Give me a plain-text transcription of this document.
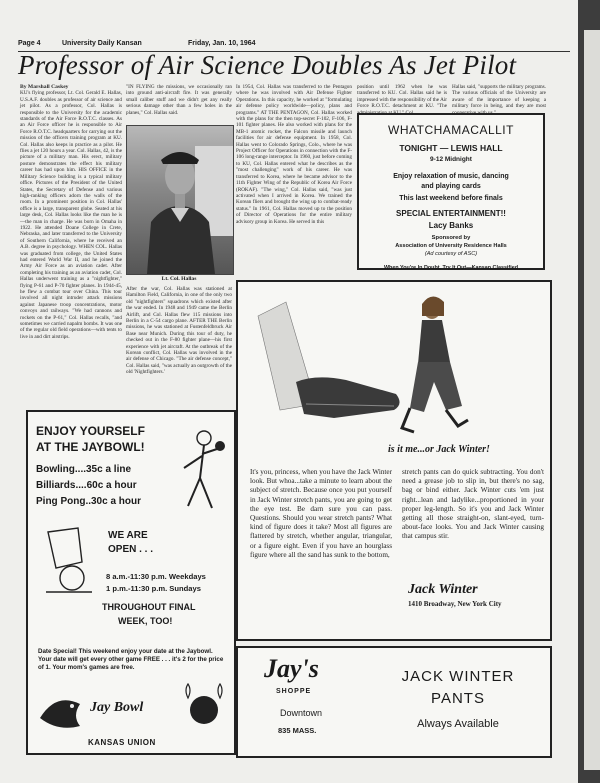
Page 4	University Daily Kansan	Friday, Jan. 10, 1964
Professor of Air Science Doubles As Jet Pilot
By Marshall Caskey

KU's flying professor, Lt. Col. Gerald E. Hallas, U.S.A.F. doubles as professor of air science and jet pilot. As a professor, Col. Hallas is responsible to the University for the academic standards of the Air Force R.O.T.C. classes. As an Air Force officer he is responsible to Air Force R.O.T.C. headquarters for carrying out the mission of the officers training program at KU. Col. Hallas also keeps in practice as a pilot. He flies a jet 120 hours a year. Col. Hallas, 42, is the picture of a military man. His erect, military posture demonstrates the effect his military career has had upon him. HIS OFFICE in the Military Science building is a typical military office. Pictures of the President of the United States, the Secretary of Defense and various high-ranking officers adorn the walls of the room. In a prominent position in Col. Hallas' office is a large, transparent globe. Seated at his large desk, Col. Hallas looks like the man he is—the man in charge. He was born in Omaha in 1922. He attended Doane College in Crete, Nebraska, and later transferred to the University of Southern California, where he received an A.B. degree in psychology. WHEN COL. Hallas was graduated from college, the United States had entered World War II, and he joined the Army Air Force as an aviation cadet. After completing his training as an aviation cadet, Col. Hallas underwent training as a "nightfighter," flying P-61 and P-70 fighter planes. In 1944-45, he flew a combat tour over China. This tour involved all night intruder attack missions against Japanese troop concentrations, motor convoys and railways. "We had cannons and rockets on the P-61," Col. Hallas recalls, "and sometimes we carried napalm bombs. It was one of the regular old field operations—with tents to live in and dirt airstrips.

"IN FLYING the missions, we occasionally ran into ground anti-aircraft fire. It was generally small caliber stuff and we didn't get any really serious damage other than a few holes in the planes," Col. Hallas said.

Lt. Col. Hallas

After the war, Col. Hallas was stationed at Hamilton Field, California, in one of the only two old "nightfighters" squadrons which existed after the war ended. In 1948 and 1949 came the Berlin Airlift, and Col. Hallas flew 115 missions into Berlin in a C-54 cargo plane. AFTER THE Berlin missions, he was stationed at Fustenfeldbruck Air Base near Munich. During this tour of duty, he checked out in the F-80 fighter plane—his first experience with jet aircraft. At the outbreak of the Korean conflict, Col. Hallas was involved in the air defense of Chicago. "The air defense concept," Col. Hallas said, "was actually an outgrowth of the old 'Nightfighters.'

In 1954, Col. Hallas was transferred to the Pentagon where he was involved with Air Defense Fighter Operations. In this capacity, he worked at "formulating air defense policy worldwide—policy, plans and programs." AT THE PENTAGON, Col. Hallas worked with the plans for the then top-secret F-102, F-106, F-101 fighter planes. He also worked with plans for the MB-1 atomic rocket, the Falcon missile and launch facilities for air defense equipment. In 1958, Col. Hallas went to Colorado Springs, Colo., where he was Project Officer for Operations in connection with the F-106 long-range interceptor. In 1960, just before coming to KU, Col. Hallas entered what he describes as the "most challenging" work of his career. He was transferred to Korea, where he became advisor to the 11th Fighter Wing of the Republic of Korea Air Force (ROKAF). "The wing," Col. Hallas said, "was just activated when I arrived in Korea. We trained the Korean fliers and brought the wing up to combat-ready status." In 1961, Col. Hallas moved up to the position of Director of Operations for the entire military advisory group in Korea. He served in this

position until 1962 when he was transferred to KU. Col. Hallas said he is impressed with the responsibility of the Air Force R.O.T.C. detachment at KU. "The

Hallas said, "supports the military programs. The various officials of the University are aware of the importance of keeping a military force in being, and they are most

WHATCHAMACALLIT
TONIGHT — LEWIS HALL
9-12 Midnight
Enjoy relaxation of music, dancing
and playing cards
This last weekend before finals
SPECIAL ENTERTAINMENT!!
Lacy Banks
Sponsored by
Association of University Residence Halls
(Ad courtesy of ASC)
When You're In Doubt, Try It Out—Kansan Classified
is it me...or Jack Winter!
It's you, princess, when you have the Jack Winter look. But whoa...take a minute to learn about the subject of stretch. Because once you put yourself in Jack Winter stretch pants, you are going to get the eye test. Be darn sure you can pass. Questions. Should you wear stretch pants? What kind of figure does it take? Most all figures are flattered by stretch, whether angular, triangular, or a figure eight. Even if you have an hourglass figure where all the sand has sunk to the bottom,
stretch pants can do quick subtracting. You don't need a grease job to slip in, but there's no sag, bag or bind either. Jack Winter cuts 'em just right...lean and ladylike...proportioned in your proper leg-length. So it's you and Jack Winter getting all those straight-on, slant-eyed, turn-about-face looks. You and Jack Winter causing that campus stir.
Jack Winter
1410 Broadway, New York City
ENJOY YOURSELF
AT THE JAYBOWL!
Bowling....35c a line
Billiards....60c a hour
Ping Pong..30c a hour
WE ARE
OPEN . . .
8 a.m.-11:30 p.m. Weekdays
1 p.m.-11:30 p.m. Sundays
THROUGHOUT FINAL
WEEK, TOO!
Date Special! This weekend enjoy your date at the Jaybowl. Your date will get every other game FREE . . . it's 2 for the price of 1. Your mom's games are free.
Jay Bowl
KANSAS UNION
Jay's
SHOPPE
Downtown
835 MASS.
JACK WINTER
PANTS
Always Available
